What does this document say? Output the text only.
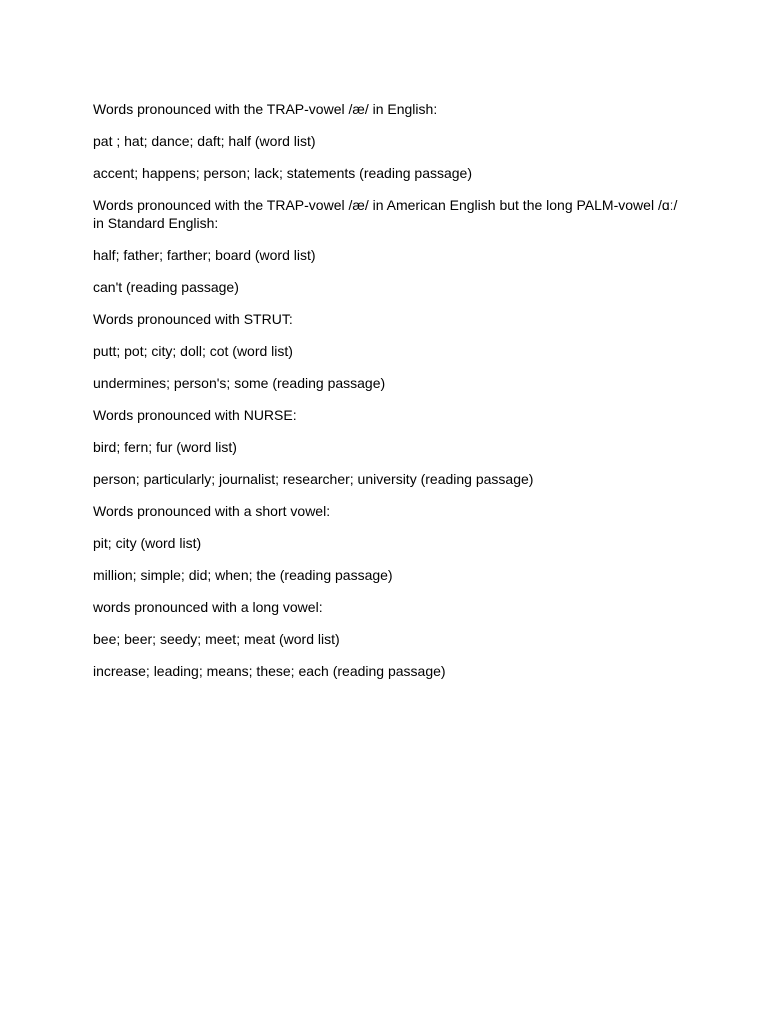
Words pronounced with the TRAP-vowel /æ/ in English:

pat ; hat; dance; daft; half (word list)

accent; happens; person; lack; statements (reading passage)

Words pronounced with the TRAP-vowel /æ/ in American English but the long PALM-vowel /ɑː/ in Standard English:

half; father; farther; board (word list)

can't (reading passage)

Words pronounced with STRUT:

putt; pot; city; doll; cot (word list)

undermines; person's; some (reading passage)

Words pronounced with NURSE:

bird; fern; fur (word list)

person; particularly; journalist; researcher; university (reading passage)

Words pronounced with a short vowel:

pit; city (word list)

million; simple; did; when; the (reading passage)

words pronounced with a long vowel:

bee; beer; seedy; meet; meat (word list)

increase; leading; means; these; each (reading passage)
